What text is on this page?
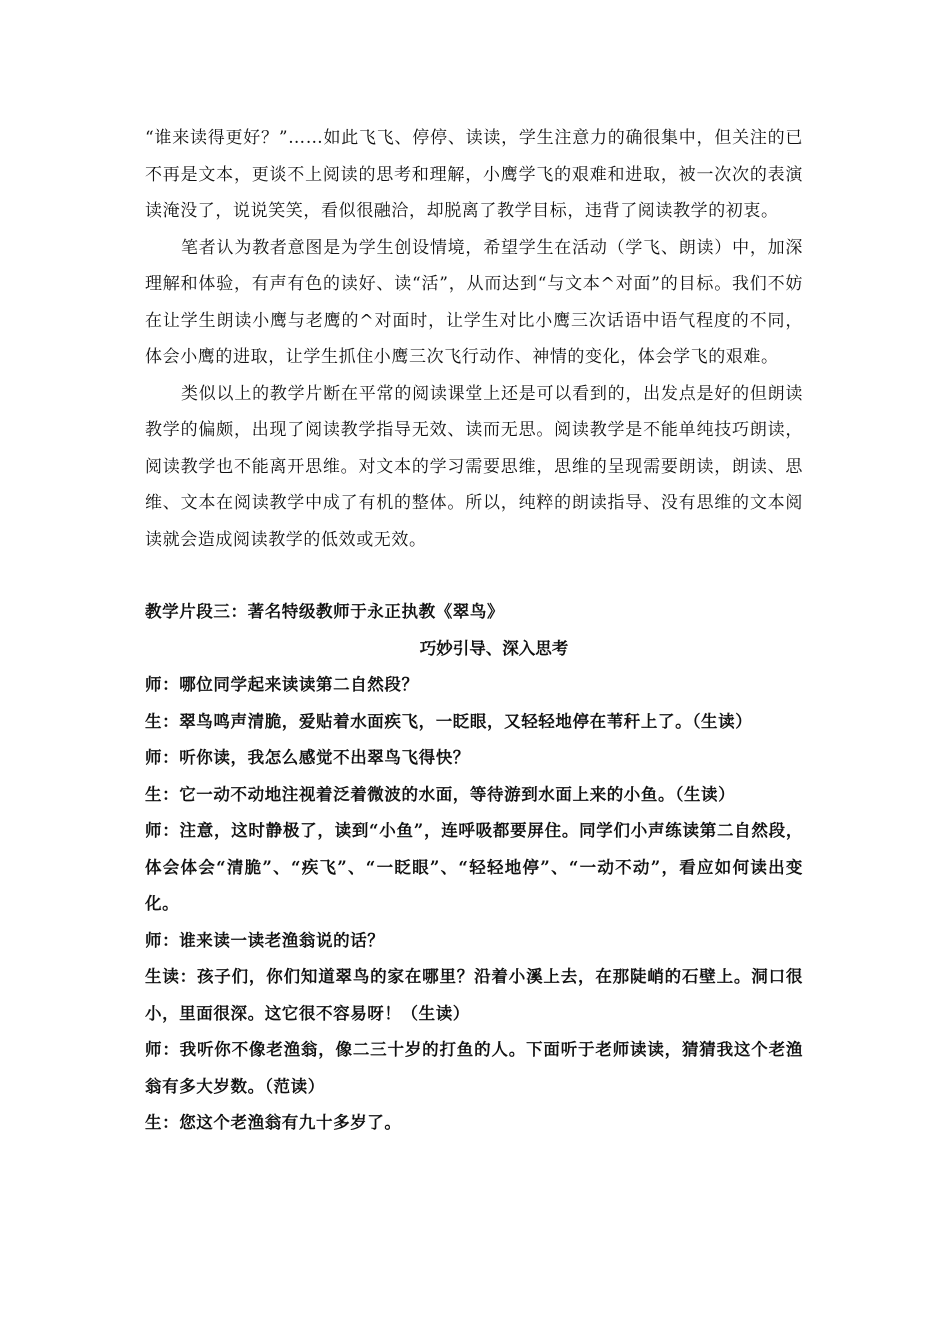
“谁来读得更好？”……如此飞飞、停停、读读，学生注意力的确很集中，但关注的已不再是文本，更谈不上阅读的思考和理解，小鹰学飞的艰难和进取，被一次次的表演读淹没了，说说笑笑，看似很融洽，却脱离了教学目标，违背了阅读教学的初衷。

笔者认为教者意图是为学生创设情境，希望学生在活动（学飞、朗读）中，加深理解和体验，有声有色的读好、读“活”，从而达到“与文本^对面”的目标。我们不妨在让学生朗读小鹰与老鹰的^对面时，让学生对比小鹰三次话语中语气程度的不同，体会小鹰的进取，让学生抓住小鹰三次飞行动作、神情的变化，体会学飞的艰难。

类似以上的教学片断在平常的阅读课堂上还是可以看到的，出发点是好的但朗读教学的偏颇，出现了阅读教学指导无效、读而无思。阅读教学是不能单纯技巧朗读，阅读教学也不能离开思维。对文本的学习需要思维，思维的呈现需要朗读，朗读、思维、文本在阅读教学中成了有机的整体。所以，纯粹的朗读指导、没有思维的文本阅读就会造成阅读教学的低效或无效。

教学片段三：著名特级教师于永正执教《翠鸟》

巧妙引导、深入思考

师：哪位同学起来读读第二自然段？

生：翠鸟鸣声清脆，爱贴着水面疾飞，一眨眼，又轻轻地停在苇秆上了。（生读）

师：听你读，我怎么感觉不出翠鸟飞得快？

生：它一动不动地注视着泛着微波的水面，等待游到水面上来的小鱼。（生读）

师：注意，这时静极了，读到“小鱼”，连呼吸都要屏住。同学们小声练读第二自然段，体会体会“清脆”、“疾飞”、“一眨眼”、“轻轻地停”、“一动不动”，看应如何读出变化。

师：谁来读一读老渔翁说的话？

生读：孩子们，你们知道翠鸟的家在哪里？沿着小溪上去，在那陡峭的石壁上。洞口很小，里面很深。这它很不容易呀！（生读）

师：我听你不像老渔翁，像二三十岁的打鱼的人。下面听于老师读读，猜猜我这个老渔翁有多大岁数。（范读）

生：您这个老渔翁有九十多岁了。
